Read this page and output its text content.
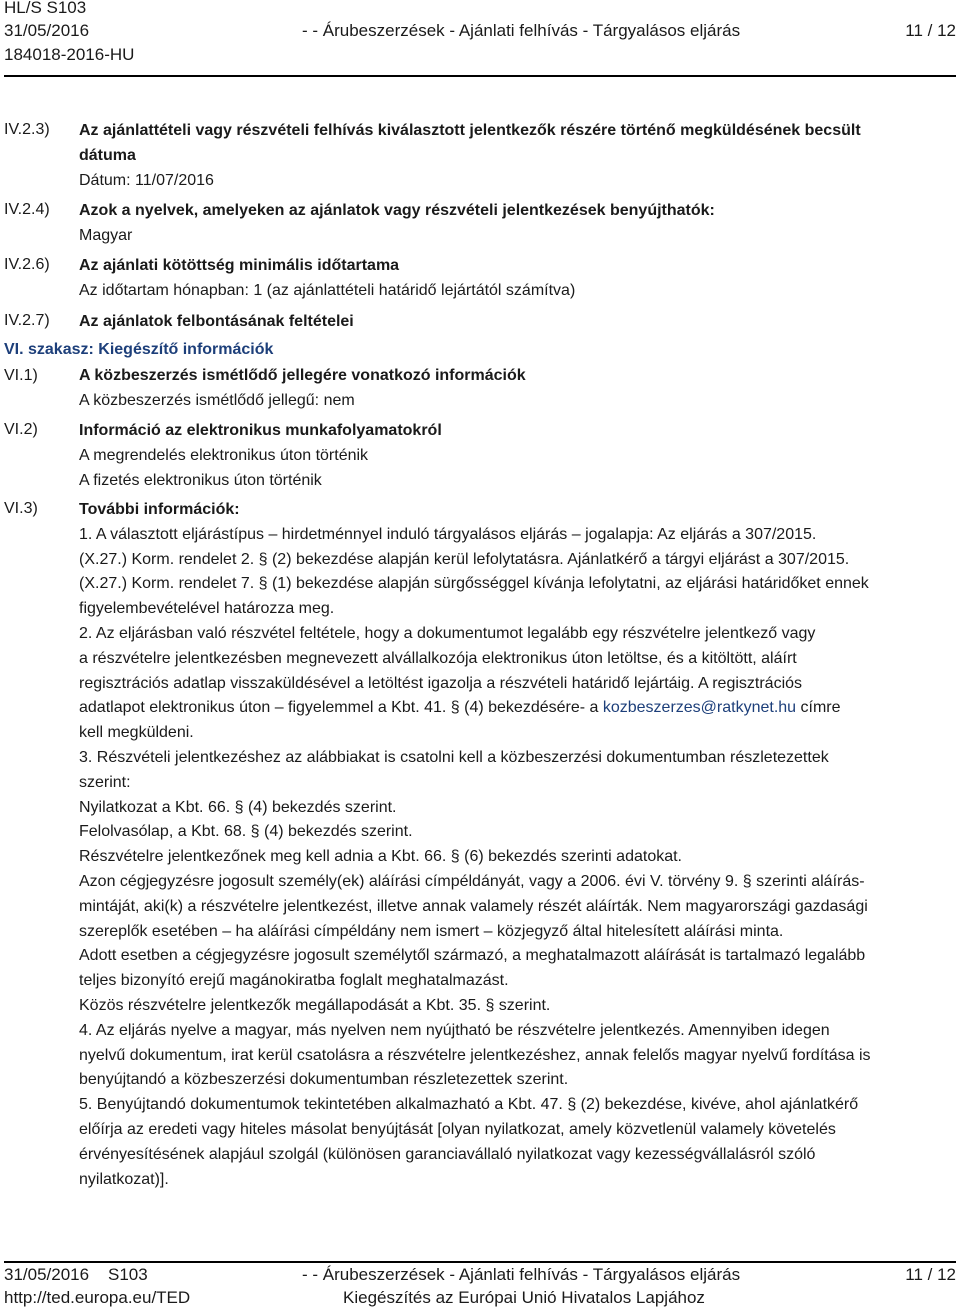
HL/S S103
31/05/2016
184018-2016-HU
- - Árubeszerzések - Ajánlati felhívás - Tárgyalásos eljárás	11 / 12
IV.2.3) Az ajánlattételi vagy részvételi felhívás kiválasztott jelentkezők részére történő megküldésének becsült
dátuma
Dátum: 11/07/2016
IV.2.4) Azok a nyelvek, amelyeken az ajánlatok vagy részvételi jelentkezések benyújthatók:
Magyar
IV.2.6) Az ajánlati kötöttség minimális időtartama
Az időtartam hónapban: 1 (az ajánlattételi határidő lejártától számítva)
IV.2.7) Az ajánlatok felbontásának feltételei
VI. szakasz: Kiegészítő információk
VI.1)	A közbeszerzés ismétlődő jellegére vonatkozó információk
A közbeszerzés ismétlődő jellegű: nem
VI.2)	Információ az elektronikus munkafolyamatokról
A megrendelés elektronikus úton történik
A fizetés elektronikus úton történik
VI.3)	További információk:
1. A választott eljárástípus – hirdetménnyel induló tárgyalásos eljárás – jogalapja: Az eljárás a 307/2015.
(X.27.) Korm. rendelet 2. § (2) bekezdése alapján kerül lefolytatásra. Ajánlatkérő a tárgyi eljárást a 307/2015.
(X.27.) Korm. rendelet 7. § (1) bekezdése alapján sürgősséggel kívánja lefolytatni, az eljárási határidőket ennek
figyelembevételével határozza meg.
2. Az eljárásban való részvétel feltétele, hogy a dokumentumot legalább egy részvételre jelentkező vagy
a részvételre jelentkezésben megnevezett alvállalkozója elektronikus úton letöltse, és a kitöltött, aláírt
regisztrációs adatlap visszaküldésével a letöltést igazolja a részvételi határidő lejártáig. A regisztrációs
adatlapot elektronikus úton – figyelemmel a Kbt. 41. § (4) bekezdésére- a kozbeszerzes@ratkynet.hu címre
kell megküldeni.
3. Részvételi jelentkezéshez az alábbiakat is csatolni kell a közbeszerzési dokumentumban részletezettek
szerint:
Nyilatkozat a Kbt. 66. § (4) bekezdés szerint.
Felolvasólap, a Kbt. 68. § (4) bekezdés szerint.
Részvételre jelentkezőnek meg kell adnia a Kbt. 66. § (6) bekezdés szerinti adatokat.
Azon cégjegyzésre jogosult személy(ek) aláírási címpéldányát, vagy a 2006. évi V. törvény 9. § szerinti aláírás-
mintáját, aki(k) a részvételre jelentkezést, illetve annak valamely részét aláírták. Nem magyarországi gazdasági
szereplők esetében – ha aláírási címpéldány nem ismert – közjegyző által hitelesített aláírási minta.
Adott esetben a cégjegyzésre jogosult személytől származó, a meghatalmazott aláírását is tartalmazó legalább
teljes bizonyító erejű magánokiratba foglalt meghatalmazást.
Közös részvételre jelentkezők megállapodását a Kbt. 35. § szerint.
4. Az eljárás nyelve a magyar, más nyelven nem nyújtható be részvételre jelentkezés. Amennyiben idegen
nyelvű dokumentum, irat kerül csatolásra a részvételre jelentkezéshez, annak felelős magyar nyelvű fordítása is
benyújtandó a közbeszerzési dokumentumban részletezettek szerint.
5. Benyújtandó dokumentumok tekintetében alkalmazható a Kbt. 47. § (2) bekezdése, kivéve, ahol ajánlatkérő
előírja az eredeti vagy hiteles másolat benyújtását [olyan nyilatkozat, amely közvetlenül valamely követelés
érvényesítésének alapjául szolgál (különösen garanciavállaló nyilatkozat vagy kezességvállalásról szóló
nyilatkozat)].
31/05/2016 S103
http://ted.europa.eu/TED
- - Árubeszerzések - Ajánlati felhívás - Tárgyalásos eljárás
Kiegészítés az Európai Unió Hivatalos Lapjához
11 / 12
